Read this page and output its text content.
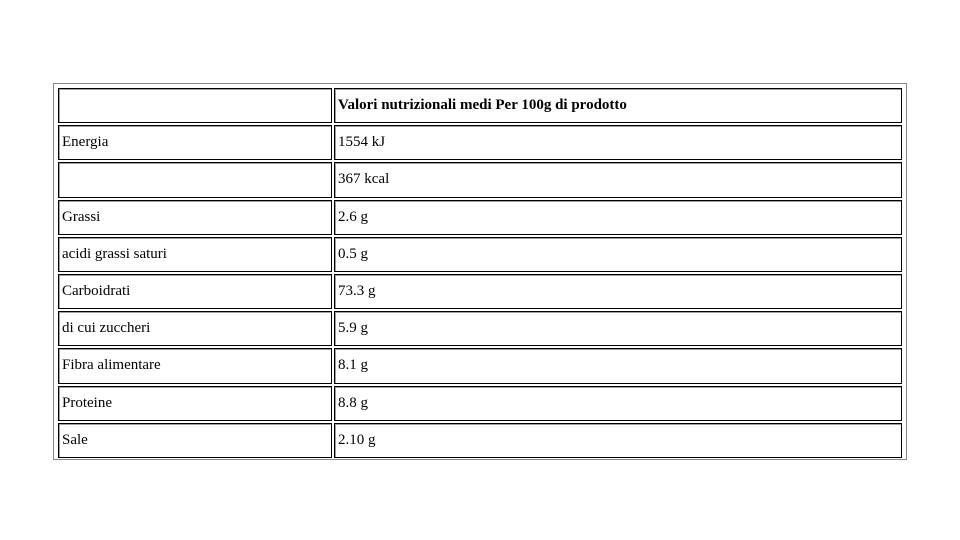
	Valori nutrizionali medi Per 100g di prodotto
Energia	1554 kJ
	367 kcal
Grassi	2.6 g
acidi grassi saturi	0.5 g
Carboidrati	73.3 g
di cui zuccheri	5.9 g
Fibra alimentare	8.1 g
Proteine	8.8 g
Sale	2.10 g
